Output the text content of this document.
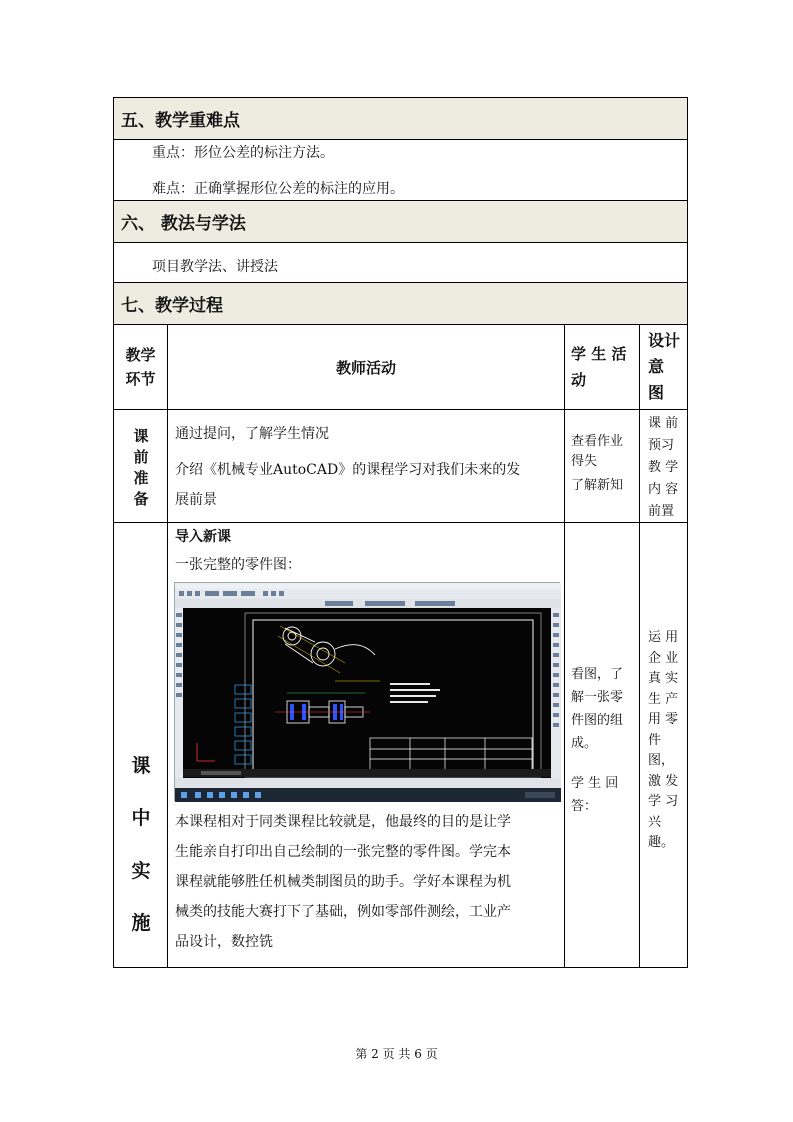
五、教学重难点
重点：形位公差的标注方法。
难点：正确掌握形位公差的标注的应用。
六、 教法与学法
项目教学法、讲授法
七、教学过程
教学
环节
教师活动
学 生 活
动
设计
意
图
课
前
准
备
通过提问，了解学生情况
介绍《机械专业AutoCAD》的课程学习对我们未来的发
展前景
查看作业
得失
了解新知
课 前
预习
教 学
内 容
前置
课
中
实
施
导入新课
一张完整的零件图：
本课程相对于同类课程比较就是，他最终的目的是让学
生能亲自打印出自己绘制的一张完整的零件图。学完本
课程就能够胜任机械类制图员的助手。学好本课程为机
械类的技能大赛打下了基础，例如零部件测绘，工业产
品设计，数控铣
看图，了
解一张零
件图的组
成。
学 生 回
答：
运 用
企 业
真 实
生 产
用 零
件
图，
激 发
学 习
兴
趣。
第 2 页 共 6 页
